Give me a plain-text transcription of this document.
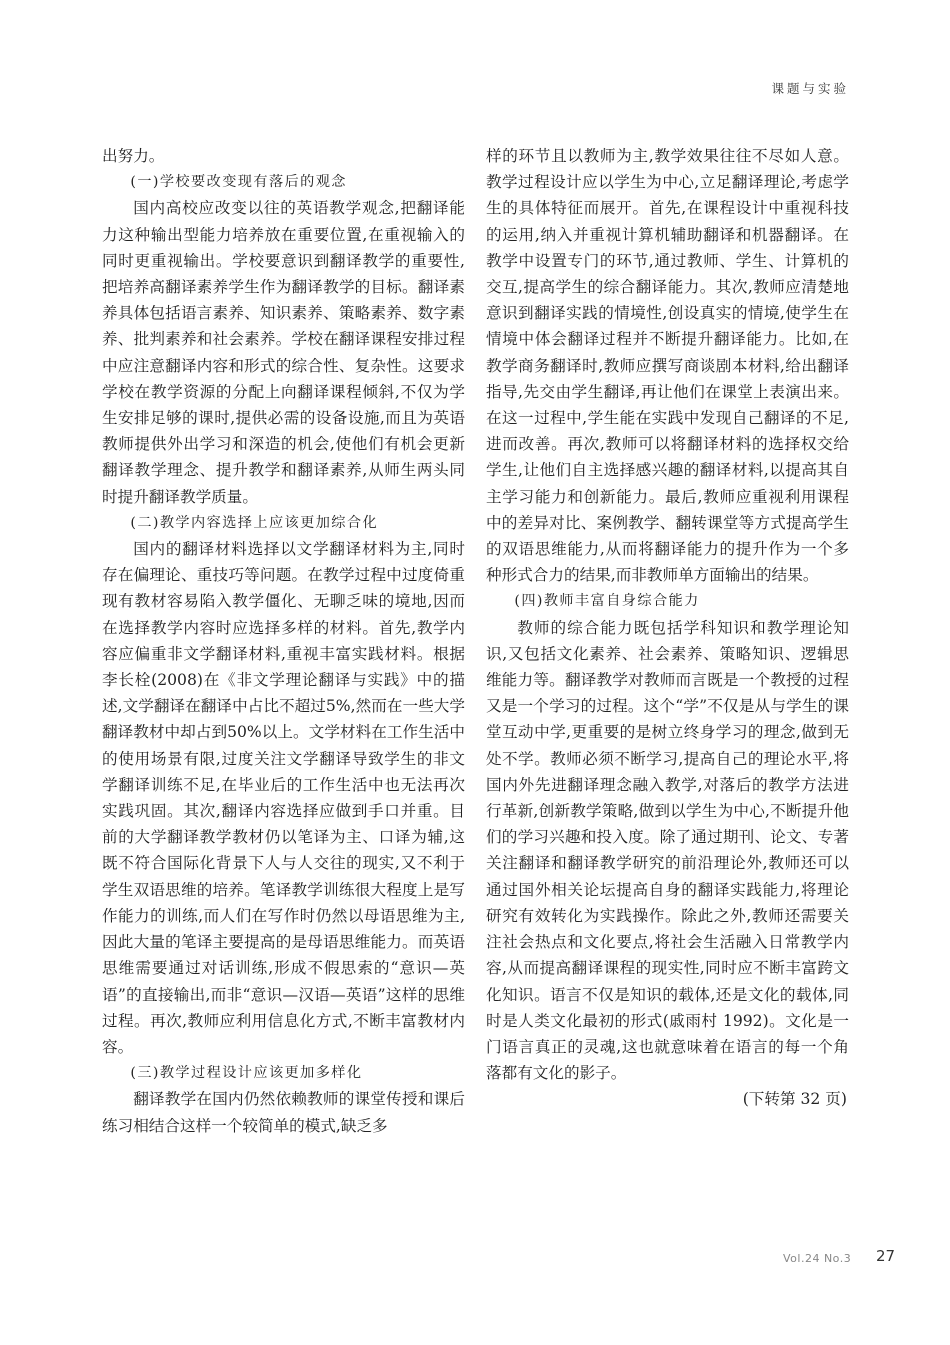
课题与实验

出努力。

(一)学校要改变现有落后的观念

国内高校应改变以往的英语教学观念,把翻译能力这种输出型能力培养放在重要位置,在重视输入的同时更重视输出。学校要意识到翻译教学的重要性,把培养高翻译素养学生作为翻译教学的目标。翻译素养具体包括语言素养、知识素养、策略素养、数字素养、批判素养和社会素养。学校在翻译课程安排过程中应注意翻译内容和形式的综合性、复杂性。这要求学校在教学资源的分配上向翻译课程倾斜,不仅为学生安排足够的课时,提供必需的设备设施,而且为英语教师提供外出学习和深造的机会,使他们有机会更新翻译教学理念、提升教学和翻译素养,从师生两头同时提升翻译教学质量。

(二)教学内容选择上应该更加综合化

国内的翻译材料选择以文学翻译材料为主,同时存在偏理论、重技巧等问题。在教学过程中过度倚重现有教材容易陷入教学僵化、无聊乏味的境地,因而在选择教学内容时应选择多样的材料。首先,教学内容应偏重非文学翻译材料,重视丰富实践材料。根据李长栓(2008)在《非文学理论翻译与实践》中的描述,文学翻译在翻译中占比不超过5%,然而在一些大学翻译教材中却占到50%以上。文学材料在工作生活中的使用场景有限,过度关注文学翻译导致学生的非文学翻译训练不足,在毕业后的工作生活中也无法再次实践巩固。其次,翻译内容选择应做到手口并重。目前的大学翻译教学教材仍以笔译为主、口译为辅,这既不符合国际化背景下人与人交往的现实,又不利于学生双语思维的培养。笔译教学训练很大程度上是写作能力的训练,而人们在写作时仍然以母语思维为主,因此大量的笔译主要提高的是母语思维能力。而英语思维需要通过对话训练,形成不假思索的“意识—英语”的直接输出,而非“意识—汉语—英语”这样的思维过程。再次,教师应利用信息化方式,不断丰富教材内容。

(三)教学过程设计应该更加多样化

翻译教学在国内仍然依赖教师的课堂传授和课后练习相结合这样一个较简单的模式,缺乏多

样的环节且以教师为主,教学效果往往不尽如人意。教学过程设计应以学生为中心,立足翻译理论,考虑学生的具体特征而展开。首先,在课程设计中重视科技的运用,纳入并重视计算机辅助翻译和机器翻译。在教学中设置专门的环节,通过教师、学生、计算机的交互,提高学生的综合翻译能力。其次,教师应清楚地意识到翻译实践的情境性,创设真实的情境,使学生在情境中体会翻译过程并不断提升翻译能力。比如,在教学商务翻译时,教师应撰写商谈剧本材料,给出翻译指导,先交由学生翻译,再让他们在课堂上表演出来。在这一过程中,学生能在实践中发现自己翻译的不足,进而改善。再次,教师可以将翻译材料的选择权交给学生,让他们自主选择感兴趣的翻译材料,以提高其自主学习能力和创新能力。最后,教师应重视利用课程中的差异对比、案例教学、翻转课堂等方式提高学生的双语思维能力,从而将翻译能力的提升作为一个多种形式合力的结果,而非教师单方面输出的结果。

(四)教师丰富自身综合能力

教师的综合能力既包括学科知识和教学理论知识,又包括文化素养、社会素养、策略知识、逻辑思维能力等。翻译教学对教师而言既是一个教授的过程又是一个学习的过程。这个“学”不仅是从与学生的课堂互动中学,更重要的是树立终身学习的理念,做到无处不学。教师必须不断学习,提高自己的理论水平,将国内外先进翻译理念融入教学,对落后的教学方法进行革新,创新教学策略,做到以学生为中心,不断提升他们的学习兴趣和投入度。除了通过期刊、论文、专著关注翻译和翻译教学研究的前沿理论外,教师还可以通过国外相关论坛提高自身的翻译实践能力,将理论研究有效转化为实践操作。除此之外,教师还需要关注社会热点和文化要点,将社会生活融入日常教学内容,从而提高翻译课程的现实性,同时应不断丰富跨文化知识。语言不仅是知识的载体,还是文化的载体,同时是人类文化最初的形式(戚雨村 1992)。文化是一门语言真正的灵魂,这也就意味着在语言的每一个角落都有文化的影子。

(下转第 32 页)

Vol.24 No.3 27
